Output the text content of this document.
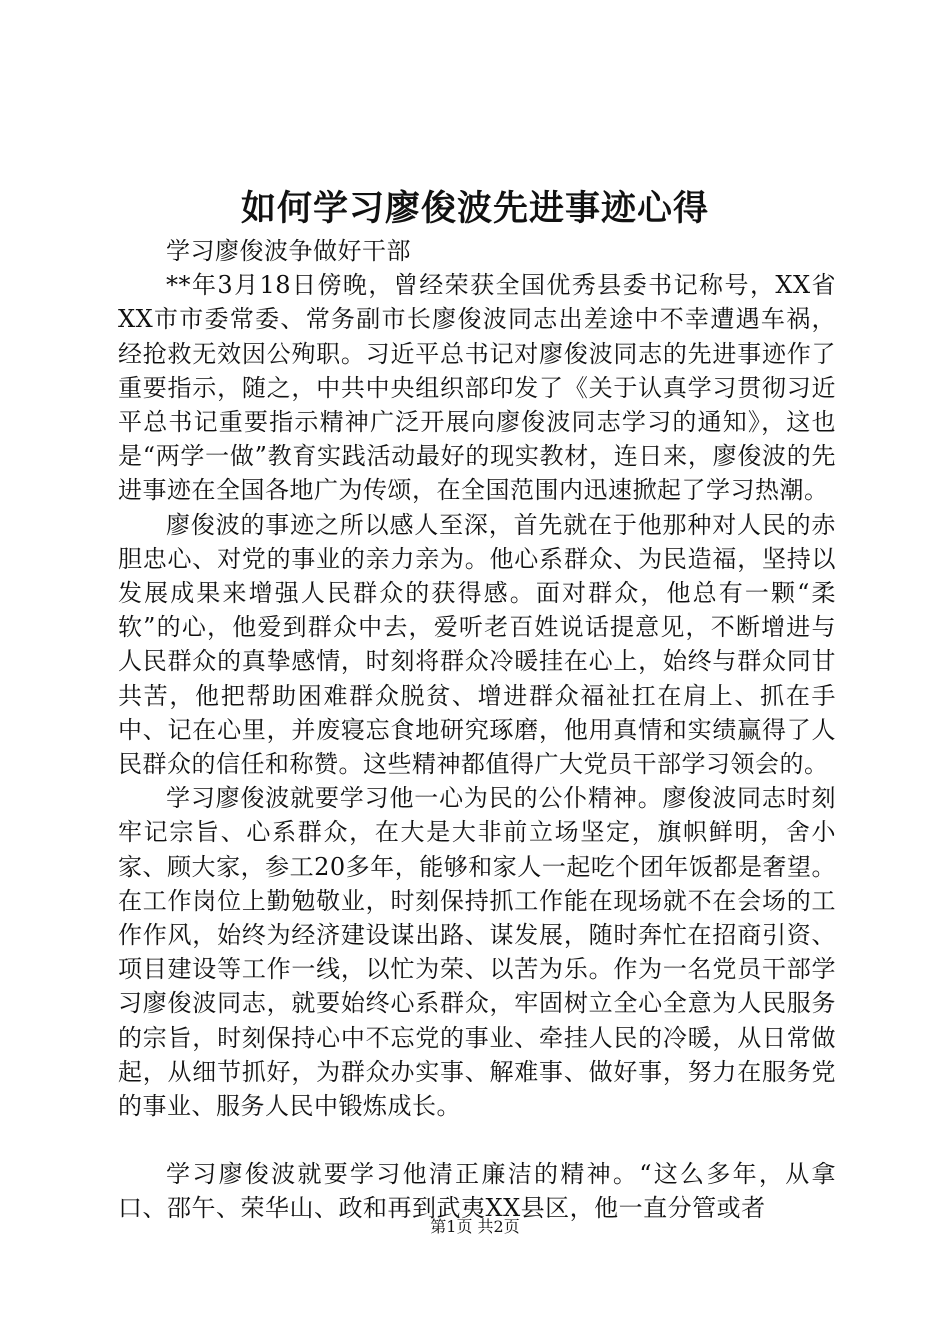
如何学习廖俊波先进事迹心得

学习廖俊波争做好干部

**年3月18日傍晚，曾经荣获全国优秀县委书记称号，XX省XX市市委常委、常务副市长廖俊波同志出差途中不幸遭遇车祸，经抢救无效因公殉职。习近平总书记对廖俊波同志的先进事迹作了重要指示，随之，中共中央组织部印发了《关于认真学习贯彻习近平总书记重要指示精神广泛开展向廖俊波同志学习的通知》，这也是“两学一做”教育实践活动最好的现实教材，连日来，廖俊波的先进事迹在全国各地广为传颂，在全国范围内迅速掀起了学习热潮。

廖俊波的事迹之所以感人至深，首先就在于他那种对人民的赤胆忠心、对党的事业的亲力亲为。他心系群众、为民造福，坚持以发展成果来增强人民群众的获得感。面对群众，他总有一颗“柔软”的心，他爱到群众中去，爱听老百姓说话提意见，不断增进与人民群众的真挚感情，时刻将群众冷暖挂在心上，始终与群众同甘共苦，他把帮助困难群众脱贫、增进群众福祉扛在肩上、抓在手中、记在心里，并废寝忘食地研究琢磨，他用真情和实绩赢得了人民群众的信任和称赞。这些精神都值得广大党员干部学习领会的。

学习廖俊波就要学习他一心为民的公仆精神。廖俊波同志时刻牢记宗旨、心系群众，在大是大非前立场坚定，旗帜鲜明，舍小家、顾大家，参工20多年，能够和家人一起吃个团年饭都是奢望。在工作岗位上勤勉敬业，时刻保持抓工作能在现场就不在会场的工作作风，始终为经济建设谋出路、谋发展，随时奔忙在招商引资、项目建设等工作一线，以忙为荣、以苦为乐。作为一名党员干部学习廖俊波同志，就要始终心系群众，牢固树立全心全意为人民服务的宗旨，时刻保持心中不忘党的事业、牵挂人民的冷暖，从日常做起，从细节抓好，为群众办实事、解难事、做好事，努力在服务党的事业、服务人民中锻炼成长。

学习廖俊波就要学习他清正廉洁的精神。“这么多年，从拿口、邵午、荣华山、政和再到武夷XX县区，他一直分管或者

第1页 共2页
